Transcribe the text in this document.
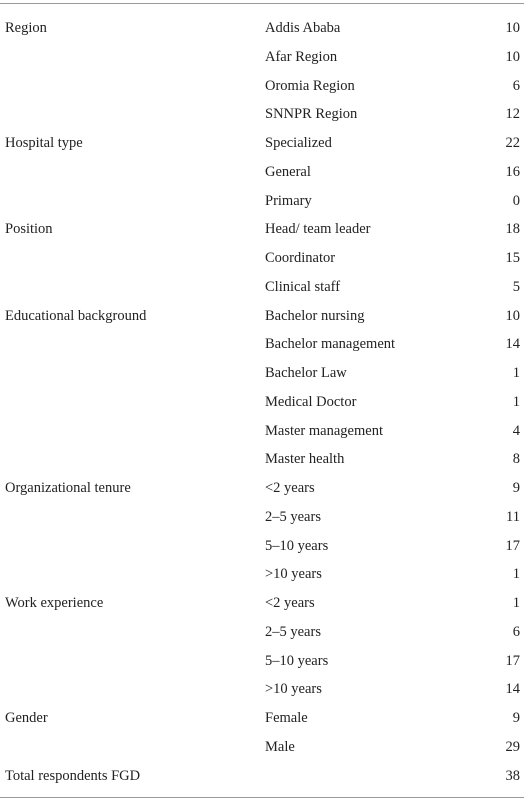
Region	Addis Ababa	10
	Afar Region	10
	Oromia Region	6
	SNNPR Region	12
Hospital type	Specialized	22
	General	16
	Primary	0
Position	Head/ team leader	18
	Coordinator	15
	Clinical staff	5
Educational background	Bachelor nursing	10
	Bachelor management	14
	Bachelor Law	1
	Medical Doctor	1
	Master management	4
	Master health	8
Organizational tenure	<2 years	9
	2–5 years	11
	5–10 years	17
	>10 years	1
Work experience	<2 years	1
	2–5 years	6
	5–10 years	17
	>10 years	14
Gender	Female	9
	Male	29
Total respondents FGD		38
